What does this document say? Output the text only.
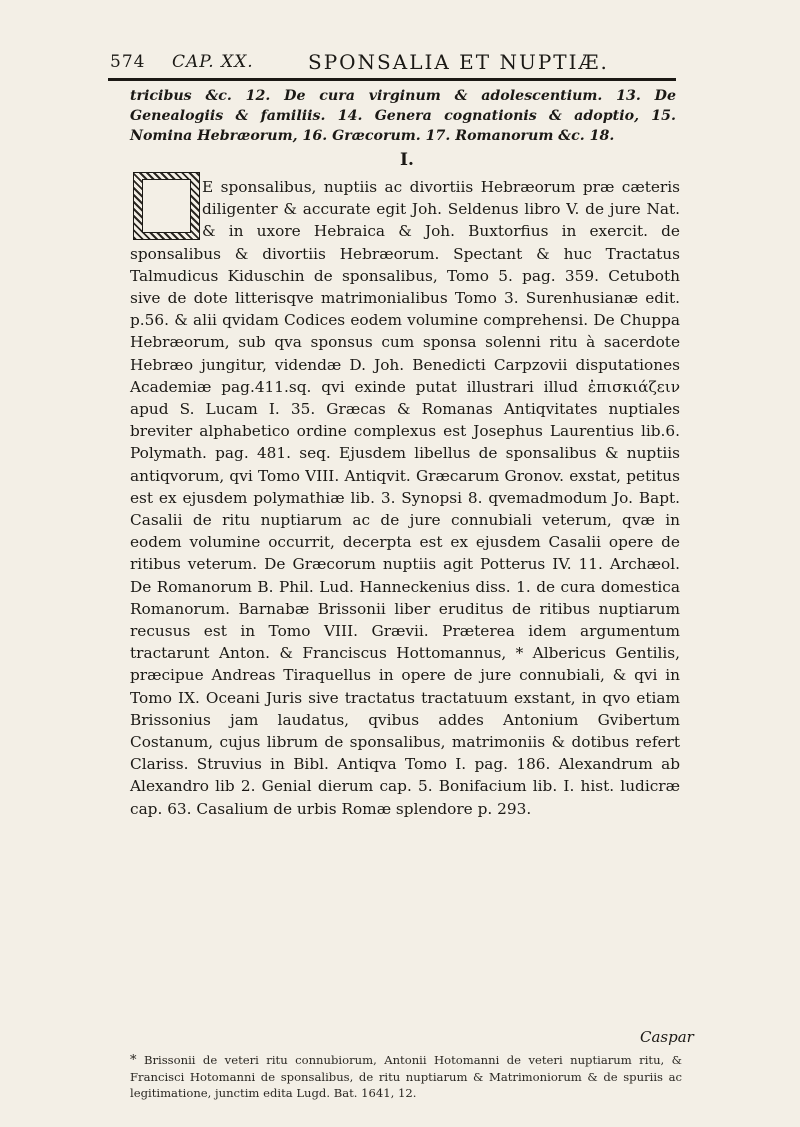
574 CAP. XX.	SPONSALIA ET NUPTIÆ.
tricibus &c. 12. De cura virginum & adolescentium. 13. De Genealogiis & familiis. 14. Genera cognationis & adoptio, 15. Nomina Hebræorum, 16. Græcorum. 17. Romanorum &c. 18.
I.
E sponsalibus, nuptiis ac divortiis Hebræorum præ cæteris diligenter & accurate egit Joh. Seldenus libro V. de jure Nat. & in uxore Hebraica & Joh. Buxtorfius in exercit. de sponsalibus & divortiis Hebræorum. Spectant & huc Tractatus Talmudicus Kiduschin de sponsalibus, Tomo 5. pag. 359. Cetuboth sive de dote litterisqve matrimonialibus Tomo 3. Surenhusianæ edit. p.56. & alii qvidam Codices eodem volumine comprehensi. De Chuppa Hebræorum, sub qva sponsus cum sponsa solenni ritu à sacerdote Hebræo jungitur, videndæ D. Joh. Benedicti Carpzovii disputationes Academiæ pag.411.sq. qvi exinde putat illustrari illud ἐπισκιάζειν apud S. Lucam I. 35. Græcas & Romanas Antiqvitates nuptiales breviter alphabetico ordine complexus est Josephus Laurentius lib.6. Polymath. pag. 481. seq. Ejusdem libellus de sponsalibus & nuptiis antiqvorum, qvi Tomo VIII. Antiqvit. Græcarum Gronov. exstat, petitus est ex ejusdem polymathiæ lib. 3. Synopsi 8. qvemadmodum Jo. Bapt. Casalii de ritu nuptiarum ac de jure connubiali veterum, qvæ in eodem volumine occurrit, decerpta est ex ejusdem Casalii opere de ritibus veterum. De Græcorum nuptiis agit Potterus IV. 11. Archæol. De Romanorum B. Phil. Lud. Hanneckenius diss. 1. de cura domestica Romanorum. Barnabæ Brissonii liber eruditus de ritibus nuptiarum recusus est in Tomo VIII. Grævii. Præterea idem argumentum tractarunt Anton. & Franciscus Hottomannus, * Albericus Gentilis, præcipue Andreas Tiraquellus in opere de jure connubiali, & qvi in Tomo IX. Oceani Juris sive tractatus tractatuum exstant, in qvo etiam Brissonius jam laudatus, qvibus addes Antonium Gvibertum Costanum, cujus librum de sponsalibus, matrimoniis & dotibus refert Clariss. Struvius in Bibl. Antiqva Tomo I. pag. 186. Alexandrum ab Alexandro lib 2. Genial dierum cap. 5. Bonifacium lib. I. hist. ludicræ cap. 63. Casalium de urbis Romæ splendore p. 293.
Caspar
* Brissonii de veteri ritu connubiorum, Antonii Hotomanni de veteri nuptiarum ritu, & Francisci Hotomanni de sponsalibus, de ritu nuptiarum & Matrimoniorum & de spuriis ac legitimatione, junctim edita Lugd. Bat. 1641, 12.
